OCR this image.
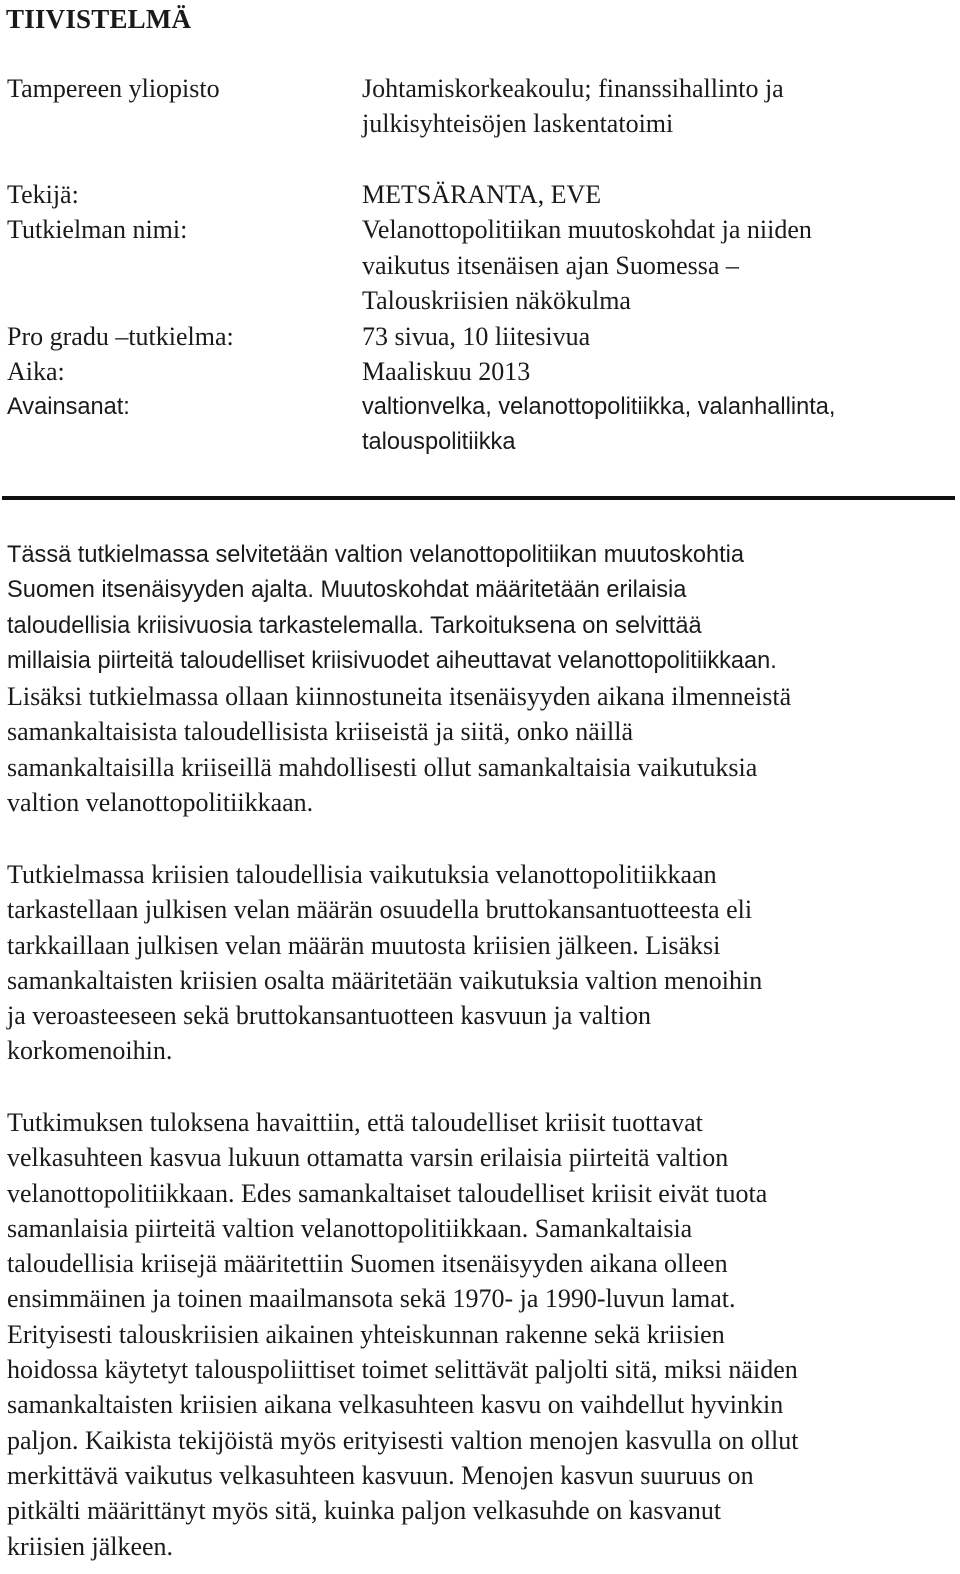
TIIVISTELMÄ
Tampereen yliopisto	Johtamiskorkeakoulu; finanssihallinto ja
julkisyhteisöjen laskentatoimi
Tekijä:	METSÄRANTA, EVE
Tutkielman nimi:	Velanottopolitiikan muutoskohdat ja niiden
vaikutus itsenäisen ajan Suomessa –
Talouskriisien näkökulma
Pro gradu –tutkielma:	73 sivua, 10 liitesivua
Aika:	Maaliskuu 2013
Avainsanat:	valtionvelka, velanottopolitiikka, valanhallinta,
talouspolitiikka
Tässä tutkielmassa selvitetään valtion velanottopolitiikan muutoskohtia
Suomen itsenäisyyden ajalta. Muutoskohdat määritetään erilaisia
taloudellisia kriisivuosia tarkastelemalla. Tarkoituksena on selvittää
millaisia piirteitä taloudelliset kriisivuodet aiheuttavat velanottopolitiikkaan.
Lisäksi tutkielmassa ollaan kiinnostuneita itsenäisyyden aikana ilmenneistä
samankaltaisista taloudellisista kriiseistä ja siitä, onko näillä
samankaltaisilla kriiseillä mahdollisesti ollut samankaltaisia vaikutuksia
valtion velanottopolitiikkaan.
Tutkielmassa kriisien taloudellisia vaikutuksia velanottopolitiikkaan
tarkastellaan julkisen velan määrän osuudella bruttokansantuotteesta eli
tarkkaillaan julkisen velan määrän muutosta kriisien jälkeen. Lisäksi
samankaltaisten kriisien osalta määritetään vaikutuksia valtion menoihin
ja veroasteeseen sekä bruttokansantuotteen kasvuun ja valtion
korkomenoihin.
Tutkimuksen tuloksena havaittiin, että taloudelliset kriisit tuottavat
velkasuhteen kasvua lukuun ottamatta varsin erilaisia piirteitä valtion
velanottopolitiikkaan. Edes samankaltaiset taloudelliset kriisit eivät tuota
samanlaisia piirteitä valtion velanottopolitiikkaan. Samankaltaisia
taloudellisia kriisejä määritettiin Suomen itsenäisyyden aikana olleen
ensimmäinen ja toinen maailmansota sekä 1970- ja 1990-luvun lamat.
Erityisesti talouskriisien aikainen yhteiskunnan rakenne sekä kriisien
hoidossa käytetyt talouspoliittiset toimet selittävät paljolti sitä, miksi näiden
samankaltaisten kriisien aikana velkasuhteen kasvu on vaihdellut hyvinkin
paljon. Kaikista tekijöistä myös erityisesti valtion menojen kasvulla on ollut
merkittävä vaikutus velkasuhteen kasvuun. Menojen kasvun suuruus on
pitkälti määrittänyt myös sitä, kuinka paljon velkasuhde on kasvanut
kriisien jälkeen.
